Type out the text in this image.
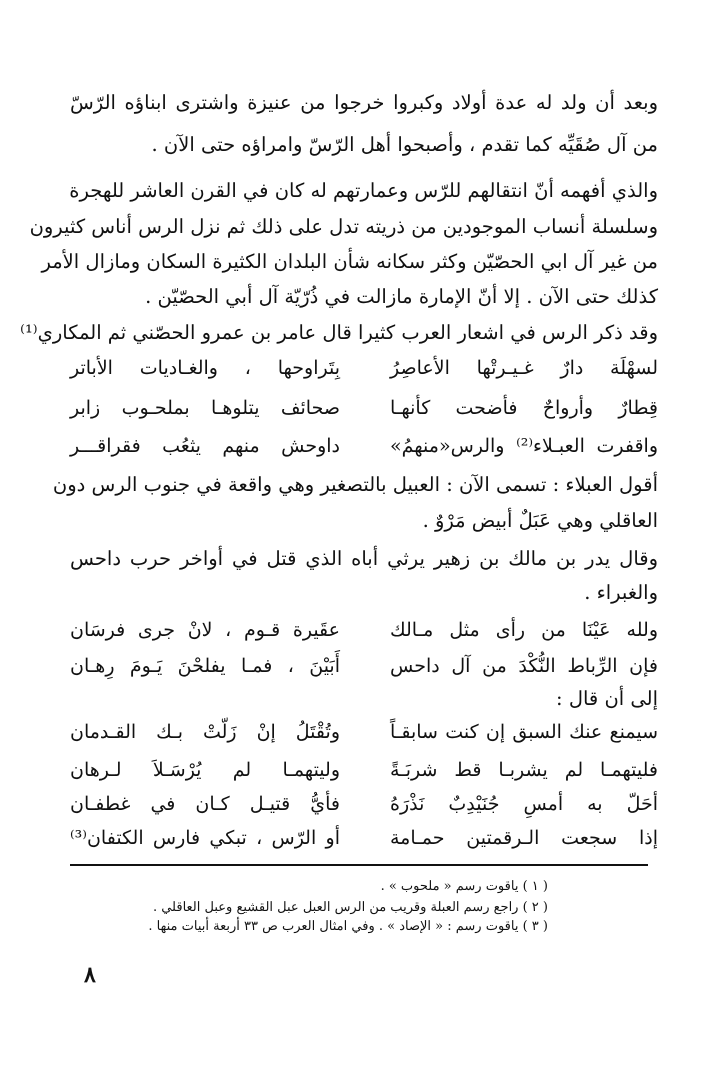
وبعد أن ولد له عدة أولاد وكبروا خرجوا من عنيزة واشترى ابناؤه الرّسّ
من آل صُقَيِّه كما تقدم ، وأصبحوا أهل الرّسّ وامراؤه حتى الآن .
والذي أفهمه أنّ انتقالهم للرّس وعمارتهم له كان في القرن العاشر للهجرة
وسلسلة أنساب الموجودين من ذريته تدل على ذلك ثم نزل الرس أناس كثيرون
من غير آل ابي الحصّيّن وكثر سكانه شأن البلدان الكثيرة السكان ومازال الأمر
كذلك حتى الآن . إلا أنّ الإمارة مازالت في ذُرّيّة آل أبي الحصّيّن .
وقد ذكر الرس في اشعار العرب كثيرا قال عامر بن عمرو الحصّني ثم المكاري⁽¹⁾
لسهْلَة دارٌ غـيـرتْها الأعاصِرُ
بِتَراوحها ، والغـاديات الأباتر
قِطارٌ وأرواحٌ فأضحت كأنهـا
صحائف يتلوهـا بملحـوب زابر
واقفرت العبـلاء⁽²⁾ والرس«منهمُ»
داوحش منهم يثعُب فقراقـــر
أقول العبلاء : تسمى الآن : العبيل بالتصغير وهي واقعة في جنوب الرس دون
العاقلي وهي عَبَلٌ أبيض مَرْوٌ .
وقال يدر بن مالك بن زهير يرثي أباه الذي قتل في أواخر حرب داحس
والغبراء .
ولله عَيْنَا من رأى مثل مـالك
عقَيرة قـوم ، لانْ جرى فرسَان
فإن الرِّباط النُّكْدَ من آل داحس
أَبَيْنَ ، فمـا يفلحْنَ يَـومَ رِهـان
إلى أن قال :
سيمنع عنك السبق إن كنت سابقـاً
وتُقْتَلُ إنْ زَلّتْ بـك القـدمان
فليتهمـا لم يشربـا قط شربَـةً
وليتهمـا لم يُرْسَـلاَ لـرهان
أحَلّ به أمسِ جُنَيْدِبٌ نَذْرَهُ
فأيُّ قتيـل كـان في غطفـان
إذا سجعت الـرقمتين حمـامة
أو الرّس ، تبكي فارس الكتفان⁽³⁾
( ١ ) ياقوت رسم « ملحوب » .
( ٢ ) راجع رسم العبلة وقريب من الرس العبل عبل القشيع وعبل العاقلي .
( ٣ ) ياقوت رسم : « الإصاد » . وفي امثال العرب ص ٣٣ أربعة أبيات منها .
٨
